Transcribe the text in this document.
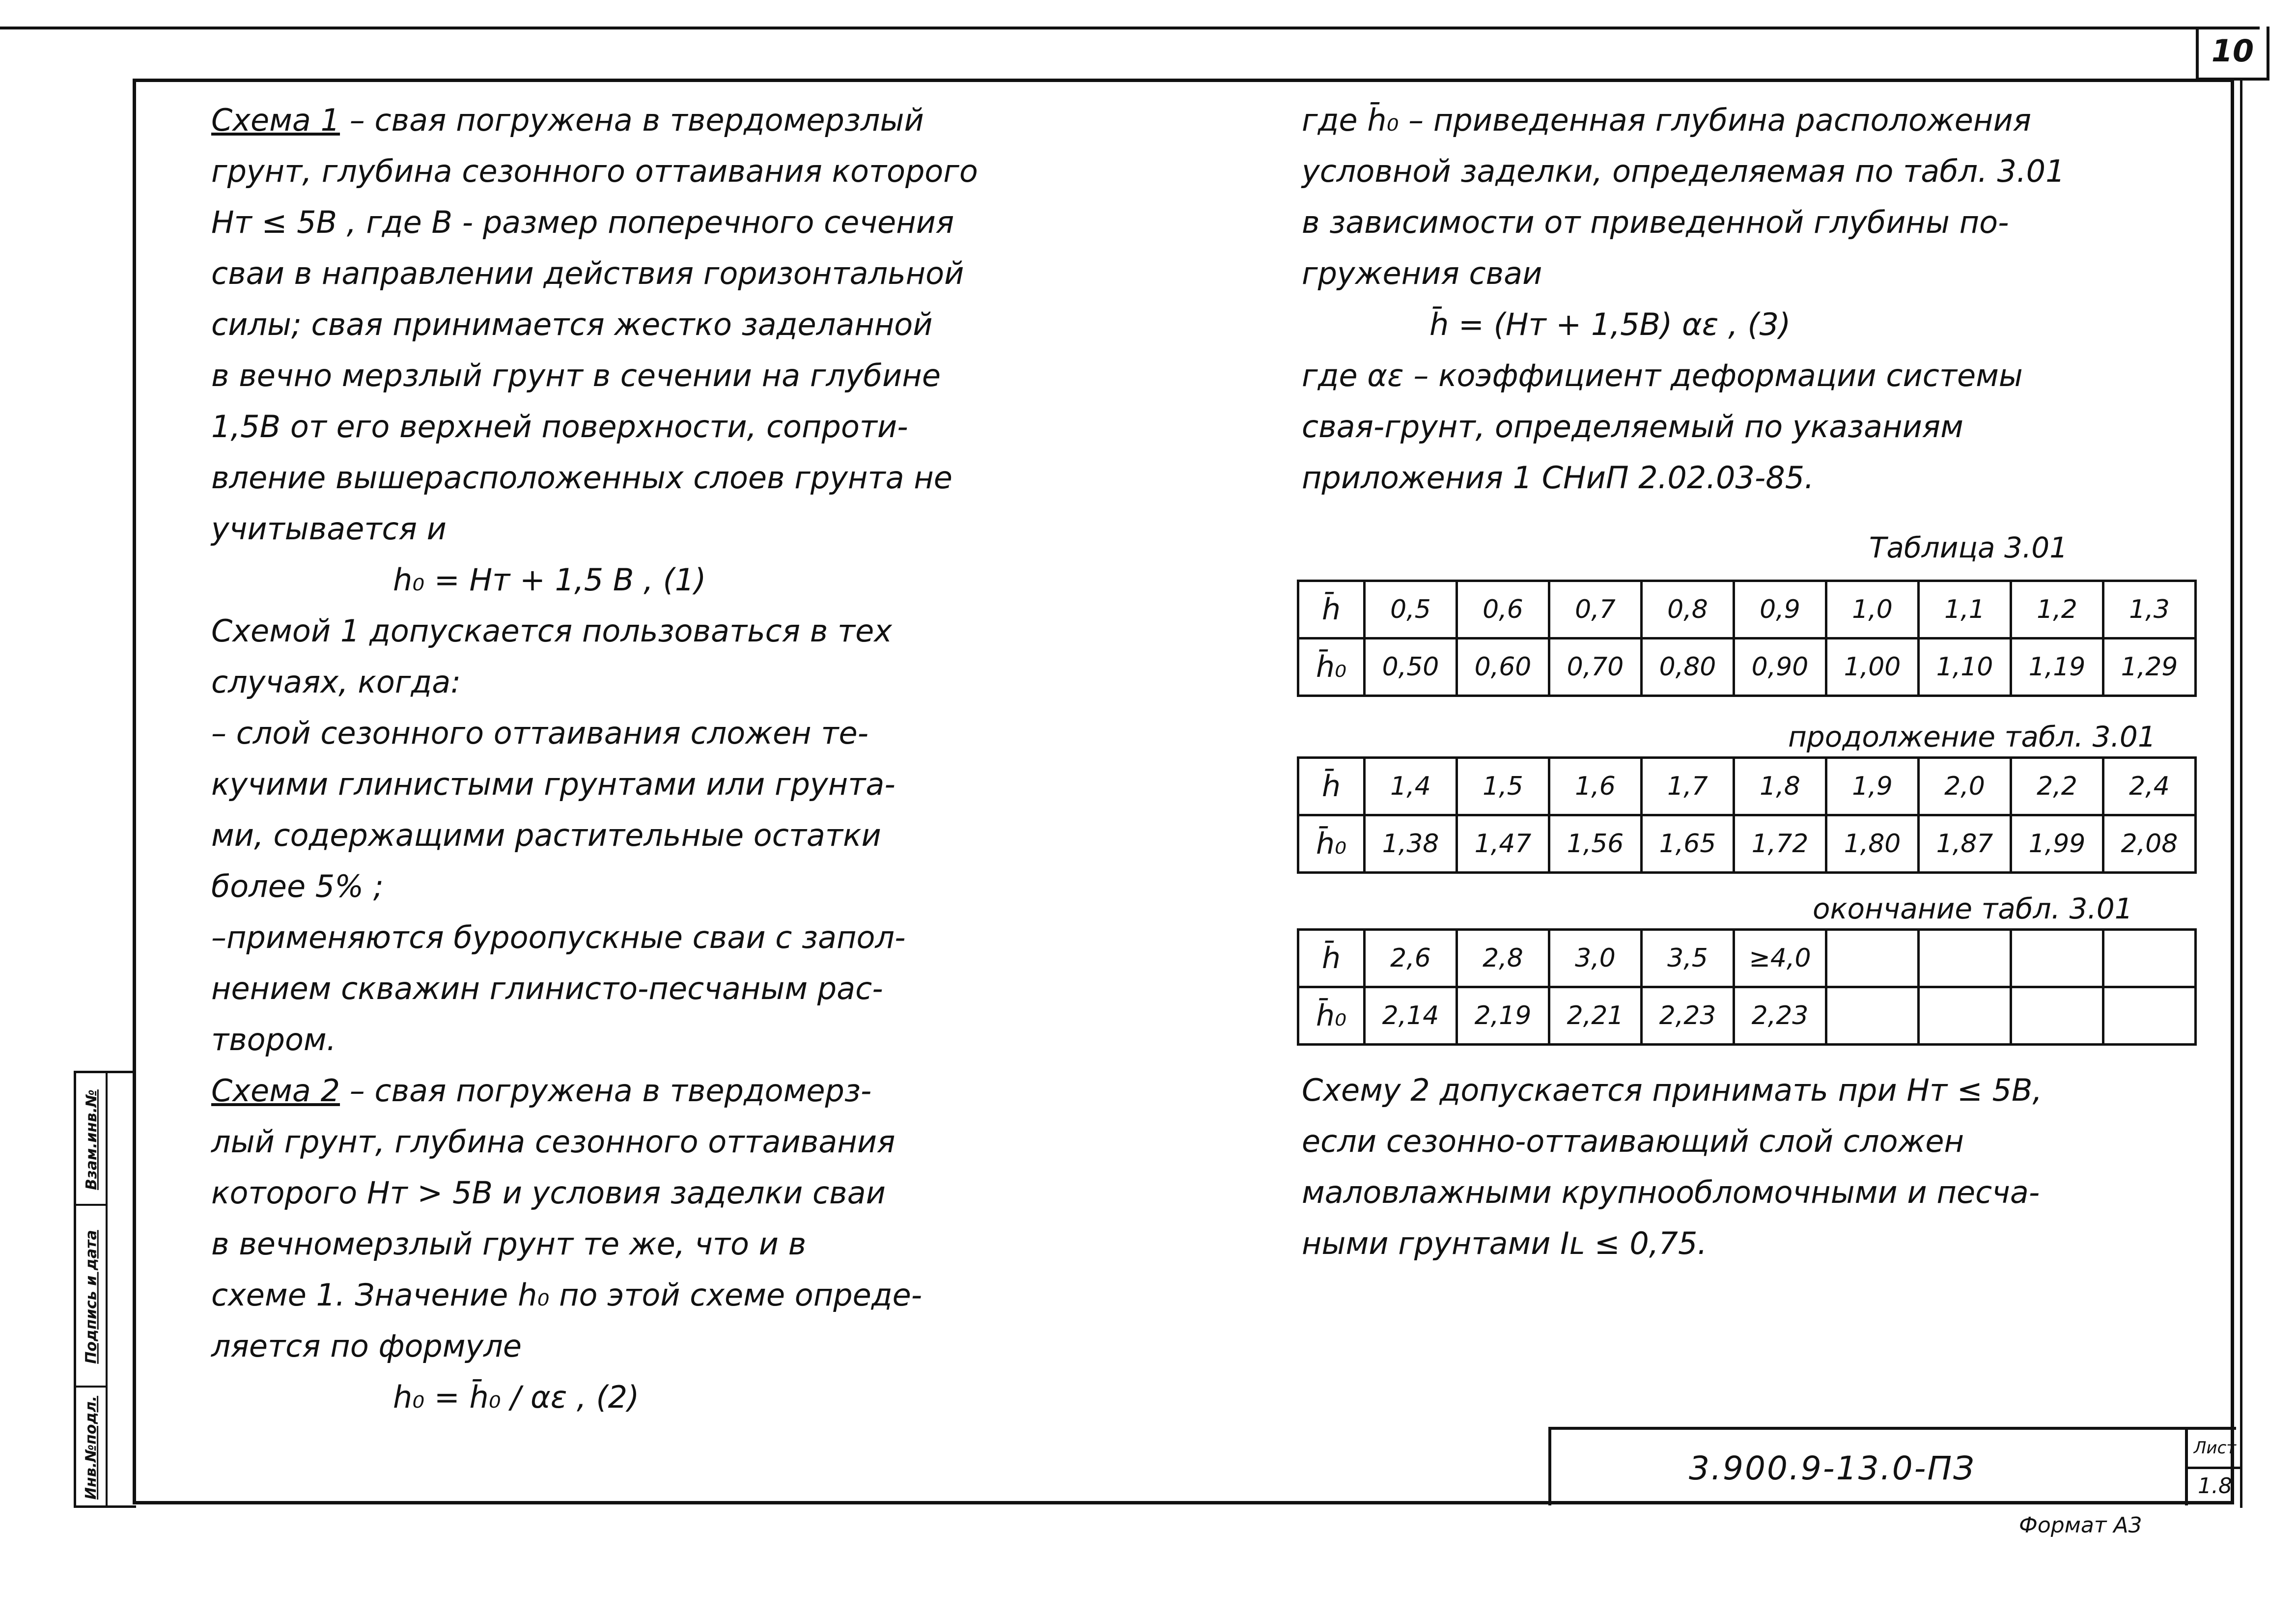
10
Взам.инв.№
Подпись и дата
Инв.№подл.
Схема 1 – свая погружена в твердомерзлый
грунт, глубина сезонного оттаивания которого
Нт ≤ 5В , где В - размер поперечного сечения
сваи в направлении действия горизонтальной
силы; свая принимается жестко заделанной
в вечно мерзлый грунт в сечении на глубине
1,5В от его верхней поверхности, сопроти-
вление вышерасположенных слоев грунта не
учитывается и
h₀ = Hт + 1,5 В , (1)
Схемой 1 допускается пользоваться в тех
случаях, когда:
– слой сезонного оттаивания сложен те-
кучими глинистыми грунтами или грунта-
ми, содержащими растительные остатки
более 5% ;
–применяются буроопускные сваи с запол-
нением скважин глинисто-песчаным рас-
твором.
Схема 2 – свая погружена в твердомерз-
лый грунт, глубина сезонного оттаивания
которого Hт > 5В и условия заделки сваи
в вечномерзлый грунт те же, что и в
схеме 1. Значение h₀ по этой схеме опреде-
ляется по формуле
h₀ = h̄₀ / αε , (2)
где h̄₀ – приведенная глубина расположения
условной заделки, определяемая по табл. 3.01
в зависимости от приведенной глубины по-
гружения сваи
h̄ = (Hт + 1,5В) αε , (3)
где αε – коэффициент деформации системы
свая-грунт, определяемый по указаниям
приложения 1 СНиП 2.02.03-85.
Таблица 3.01
h̄	0,5	0,6	0,7	0,8	0,9	1,0	1,1	1,2	1,3
h̄₀	0,50	0,60	0,70	0,80	0,90	1,00	1,10	1,19	1,29
продолжение табл. 3.01
h̄	1,4	1,5	1,6	1,7	1,8	1,9	2,0	2,2	2,4
h̄₀	1,38	1,47	1,56	1,65	1,72	1,80	1,87	1,99	2,08
окончание табл. 3.01
h̄	2,6	2,8	3,0	3,5	≥4,0				
h̄₀	2,14	2,19	2,21	2,23	2,23				
Схему 2 допускается принимать при Hт ≤ 5В,
если сезонно-оттаивающий слой сложен
маловлажными крупнообломочными и песча-
ными грунтами Iʟ ≤ 0,75.
3.900.9-13.0-ПЗ
Лист
1.8
Формат А3
